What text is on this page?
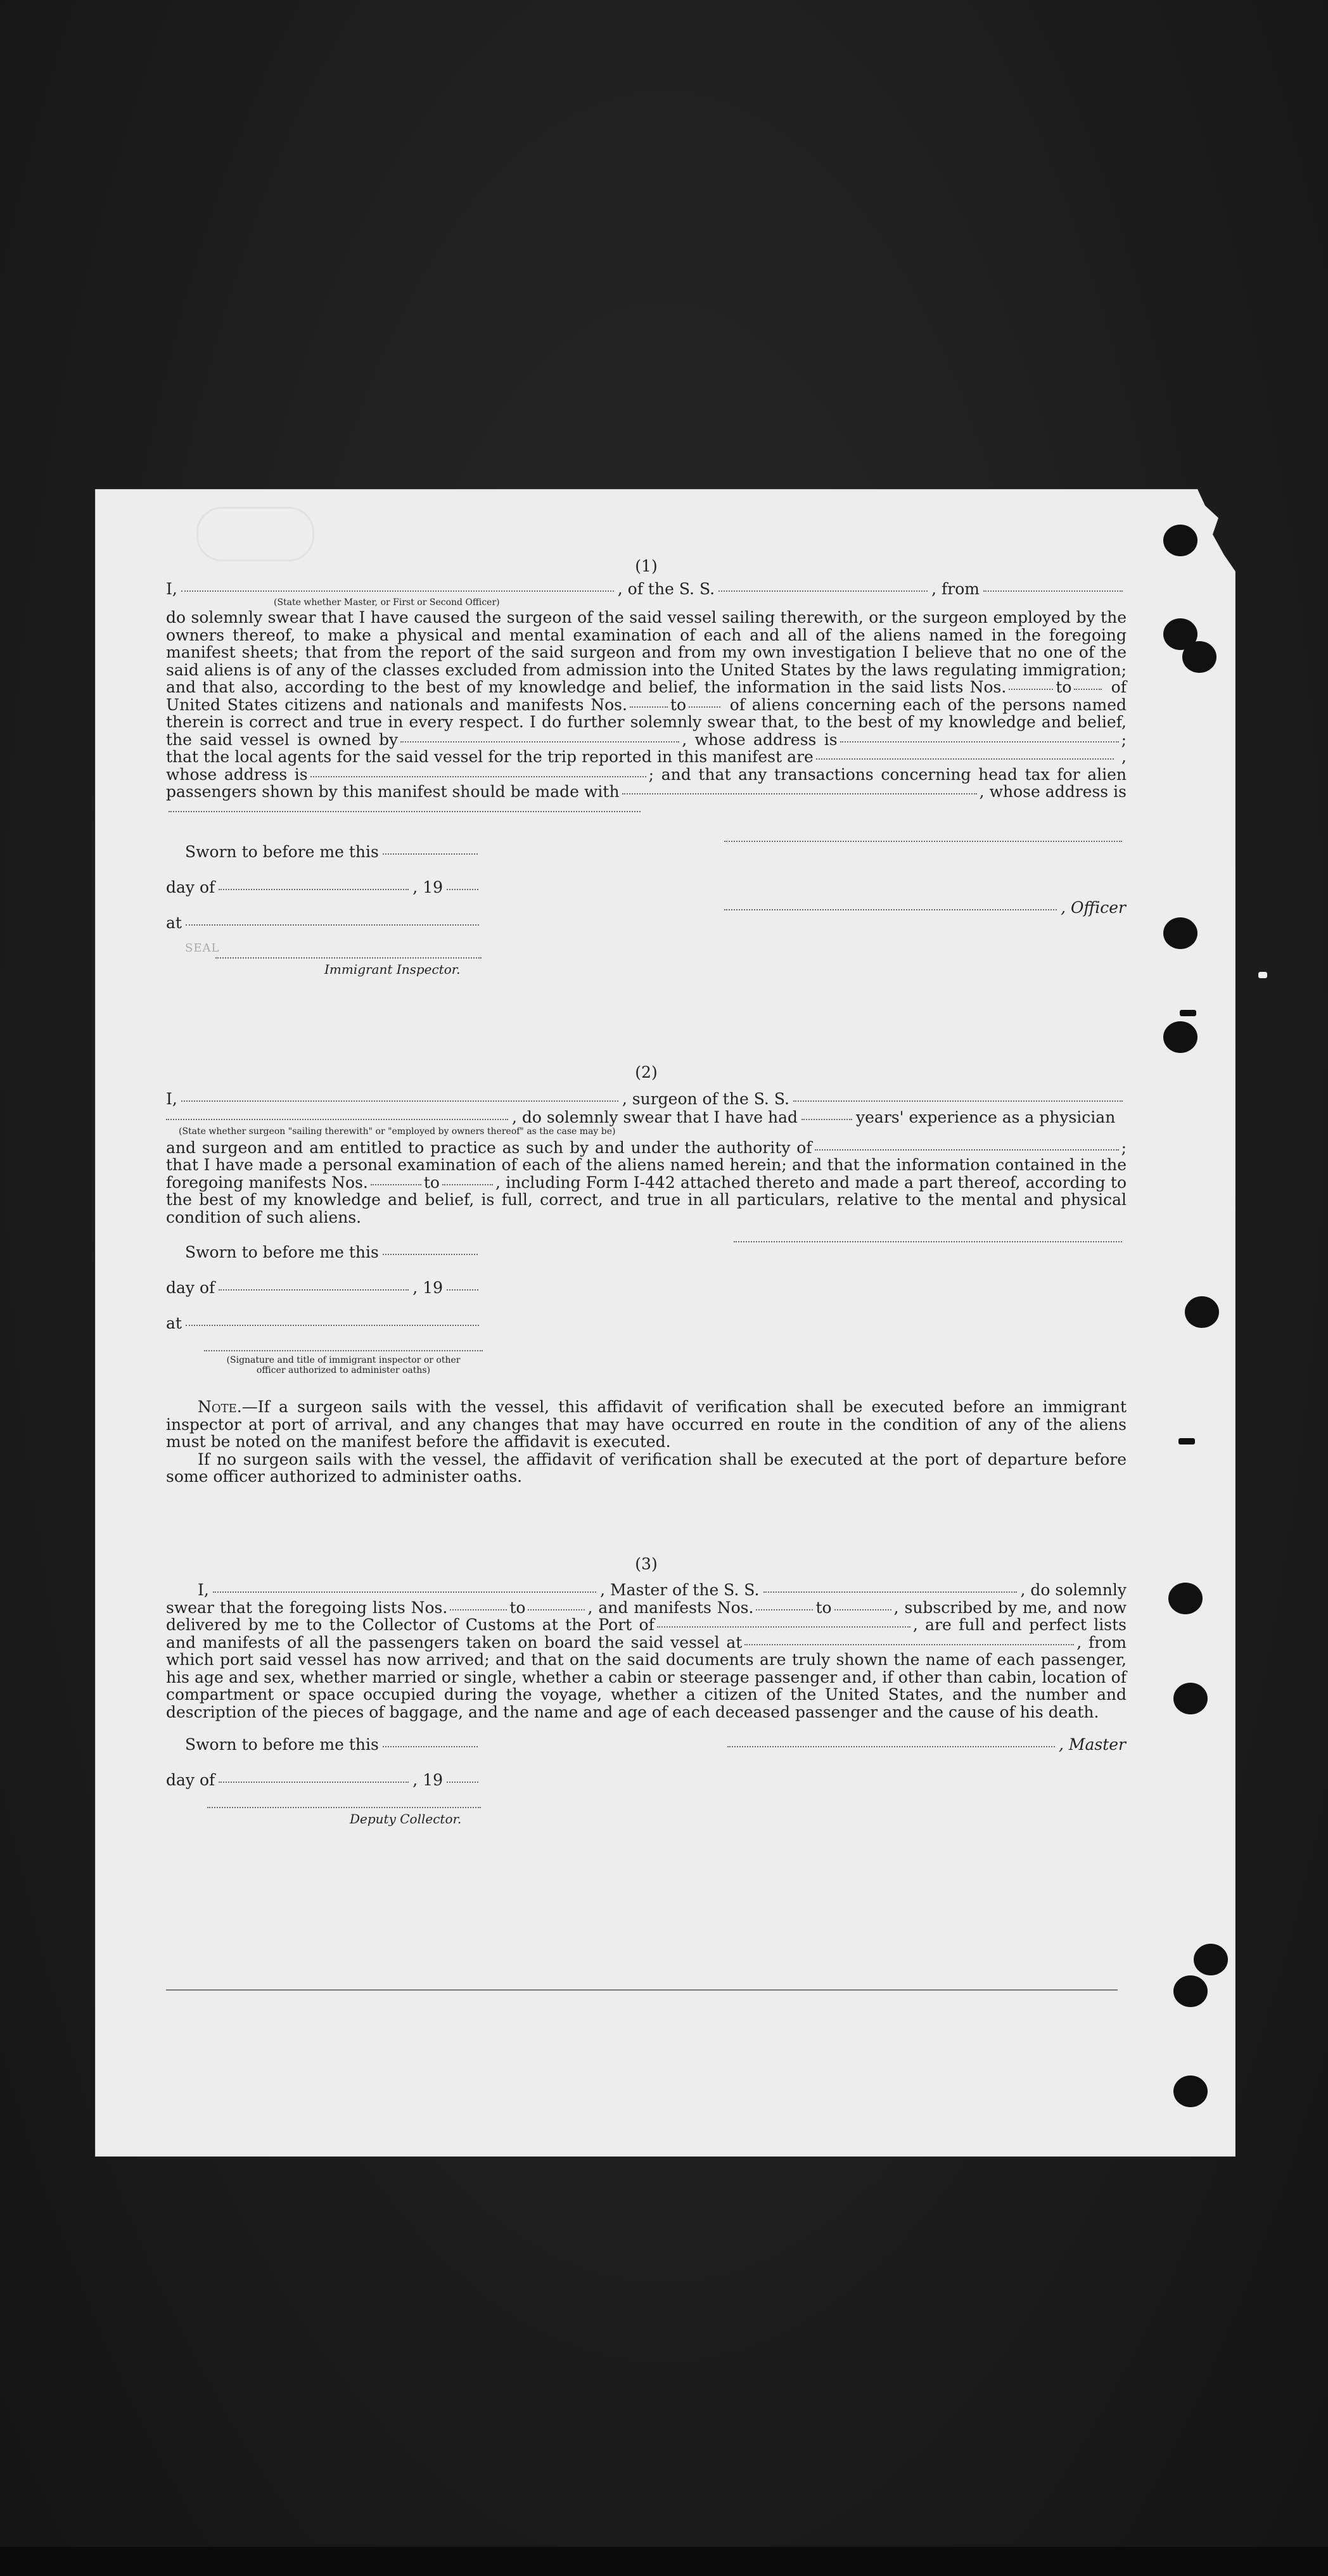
(1)

I,	, of the S. S.	, from
(State whether Master, or First or Second Officer)

do solemnly swear that I have caused the surgeon of the said vessel sailing therewith, or the surgeon employed by the owners thereof, to make a physical and mental examination of each and all of the aliens named in the foregoing manifest sheets; that from the report of the said surgeon and from my own investigation I believe that no one of the said aliens is of any of the classes excluded from admission into the United States by the laws regulating immigration; and that also, according to the best of my knowledge and belief, the information in the said lists Nos.	to of United States citizens and nationals and manifests Nos.	to	of aliens concerning each of the persons named therein is correct and true in every respect. I do further solemnly swear that, to the best of my knowledge and belief, the said vessel is owned by	, whose address is	; that the local agents for the said vessel for the trip reported in this manifest are	, whose address is	; and that any transactions concerning head tax for alien passengers shown by this manifest should be made with	, whose address is

Sworn to before me this
day of	, 19
, Officer
at
SEAL
Immigrant Inspector.

(2)

I,	, surgeon of the S. S.
, do solemnly swear that I have had	years' experience as a physician
(State whether surgeon "sailing therewith" or "employed by owners thereof" as the case may be)

and surgeon and am entitled to practice as such by and under the authority of	; that I have made a personal examination of each of the aliens named herein; and that the information contained in the foregoing manifests Nos.	to	, including Form I-442 attached thereto and made a part thereof, according to the best of my knowledge and belief, is full, correct, and true in all particulars, relative to the mental and physical condition of such aliens.

Sworn to before me this
day of	, 19
at
(Signature and title of immigrant inspector or other officer authorized to administer oaths)

Note.—If a surgeon sails with the vessel, this affidavit of verification shall be executed before an immigrant inspector at port of arrival, and any changes that may have occurred en route in the condition of any of the aliens must be noted on the manifest before the affidavit is executed.

If no surgeon sails with the vessel, the affidavit of verification shall be executed at the port of departure before some officer authorized to administer oaths.

(3)

I,	, Master of the S. S.	, do solemnly

swear that the foregoing lists Nos.	to	, and manifests Nos.	to	, subscribed by me, and now delivered by me to the Collector of Customs at the Port of	, are full and perfect lists and manifests of all the passengers taken on board the said vessel at	, from which port said vessel has now arrived; and that on the said documents are truly shown the name of each passenger, his age and sex, whether married or single, whether a cabin or steerage passenger and, if other than cabin, location of compartment or space occupied during the voyage, whether a citizen of the United States, and the number and description of the pieces of baggage, and the name and age of each deceased passenger and the cause of his death.

Sworn to before me this	, Master
day of	, 19
Deputy Collector.
